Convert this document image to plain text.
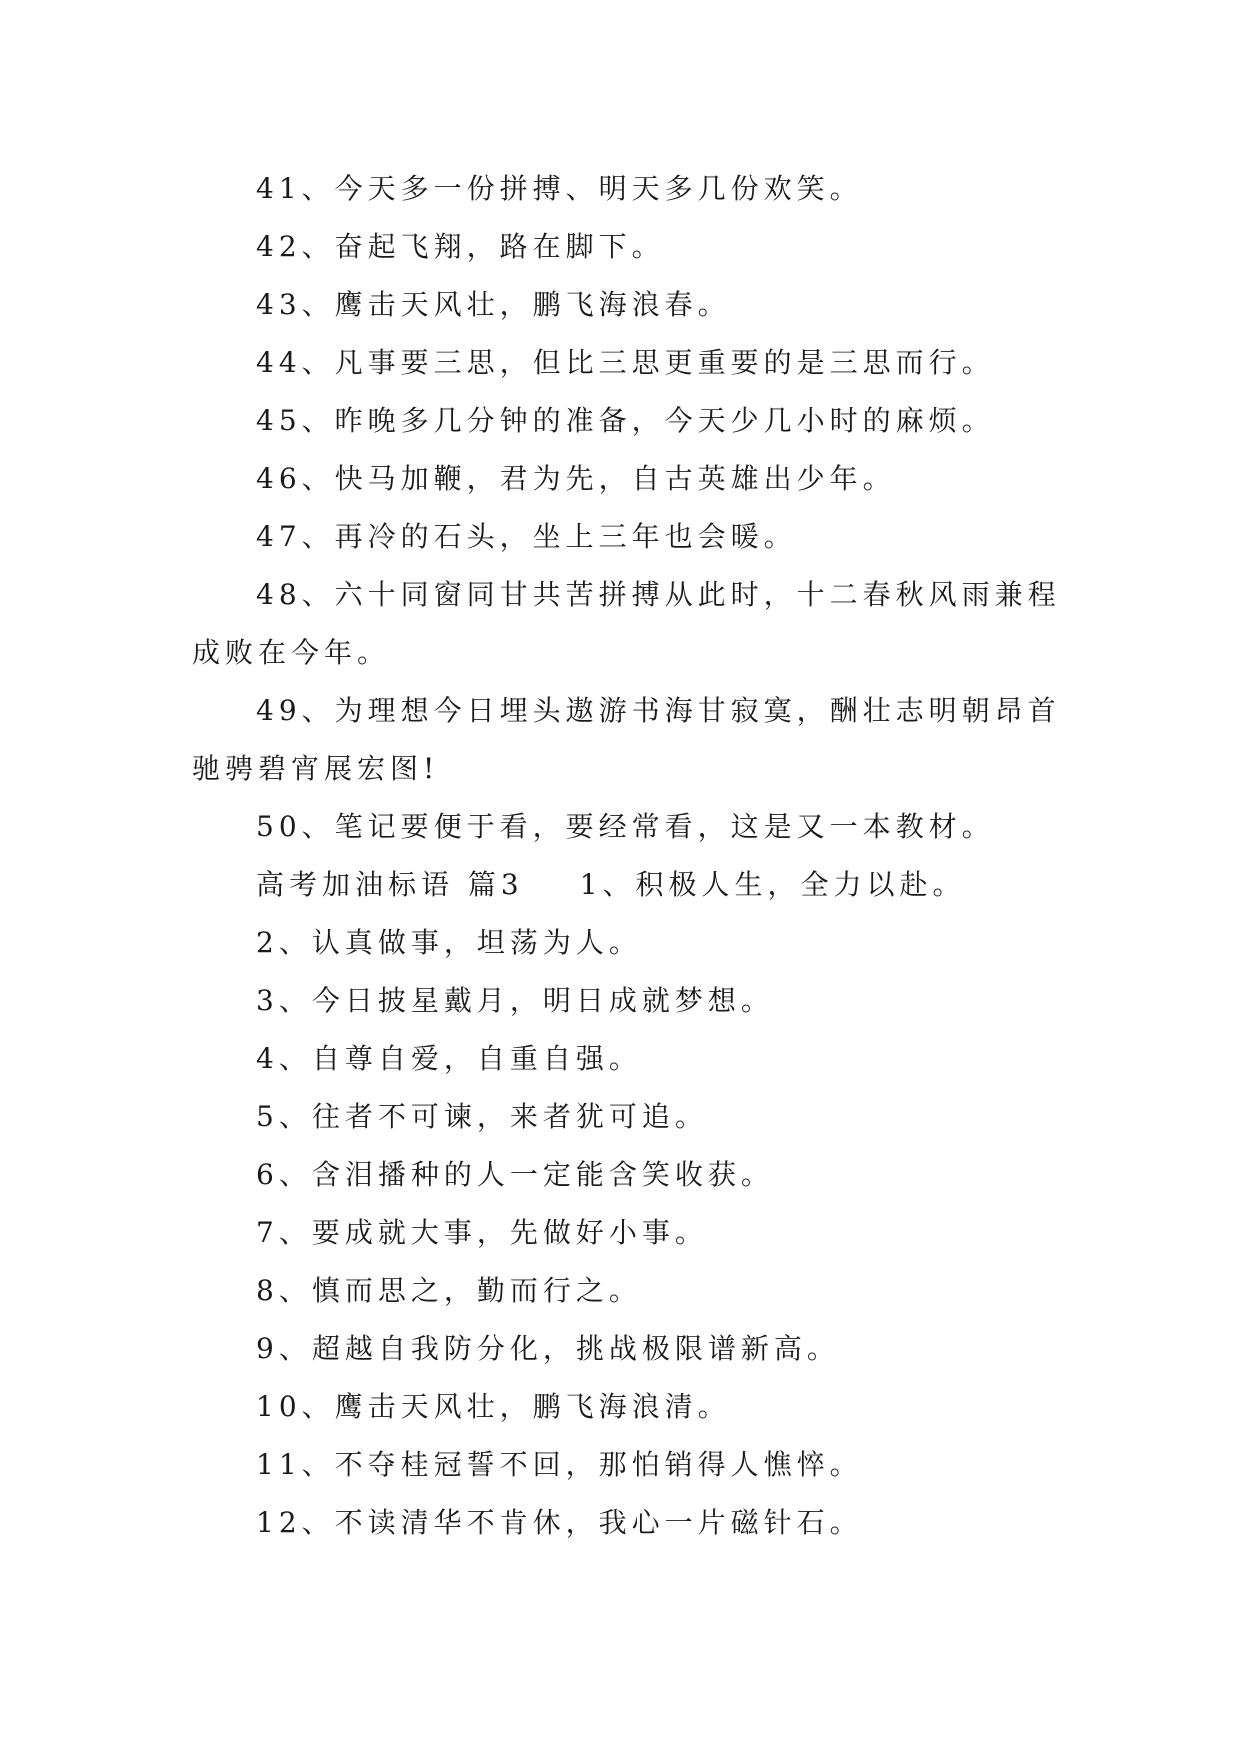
41、今天多一份拼搏、明天多几份欢笑。
42、奋起飞翔，路在脚下。
43、鹰击天风壮，鹏飞海浪春。
44、凡事要三思，但比三思更重要的是三思而行。
45、昨晚多几分钟的准备，今天少几小时的麻烦。
46、快马加鞭，君为先，自古英雄出少年。
47、再冷的石头，坐上三年也会暖。
48、六十同窗同甘共苦拼搏从此时，十二春秋风雨兼程成败在今年。
49、为理想今日埋头遨游书海甘寂寞，酬壮志明朝昂首驰骋碧宵展宏图!
50、笔记要便于看，要经常看，这是又一本教材。
高考加油标语 篇3 1、积极人生，全力以赴。
2、认真做事，坦荡为人。
3、今日披星戴月，明日成就梦想。
4、自尊自爱，自重自强。
5、往者不可谏，来者犹可追。
6、含泪播种的人一定能含笑收获。
7、要成就大事，先做好小事。
8、慎而思之，勤而行之。
9、超越自我防分化，挑战极限谱新高。
10、鹰击天风壮，鹏飞海浪清。
11、不夺桂冠誓不回，那怕销得人憔悴。
12、不读清华不肯休，我心一片磁针石。
